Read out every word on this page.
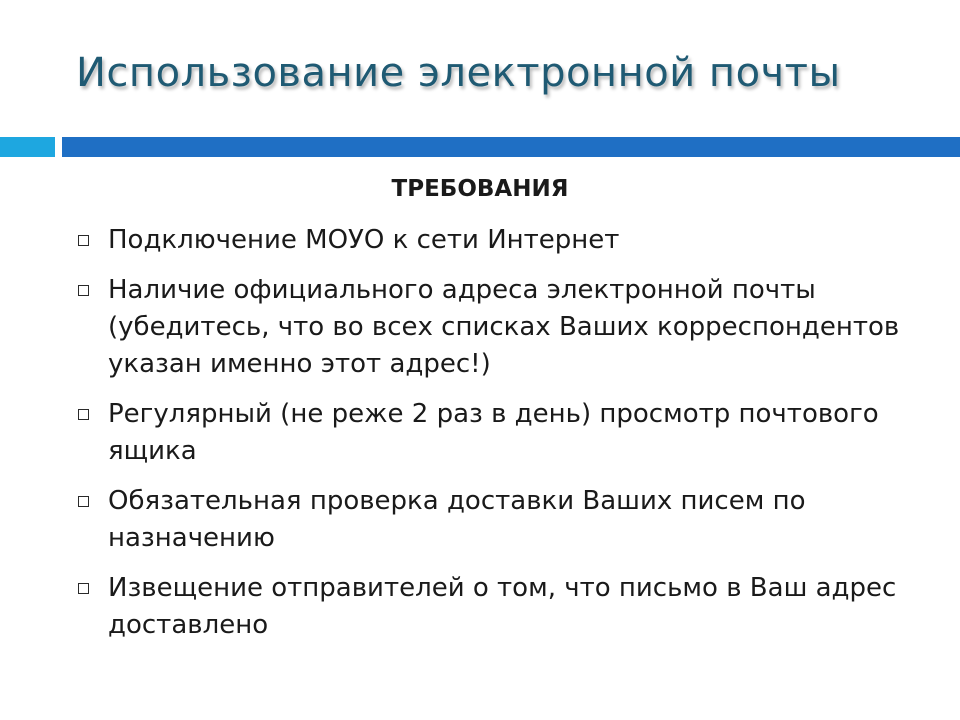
Использование электронной почты
ТРЕБОВАНИЯ
Подключение МОУО к сети Интернет
Наличие официального адреса электронной почты (убедитесь, что во всех списках Ваших корреспондентов указан именно этот адрес!)
Регулярный (не реже 2 раз в день) просмотр почтового ящика
Обязательная проверка доставки Ваших писем по назначению
Извещение отправителей о том, что письмо в Ваш адрес доставлено
